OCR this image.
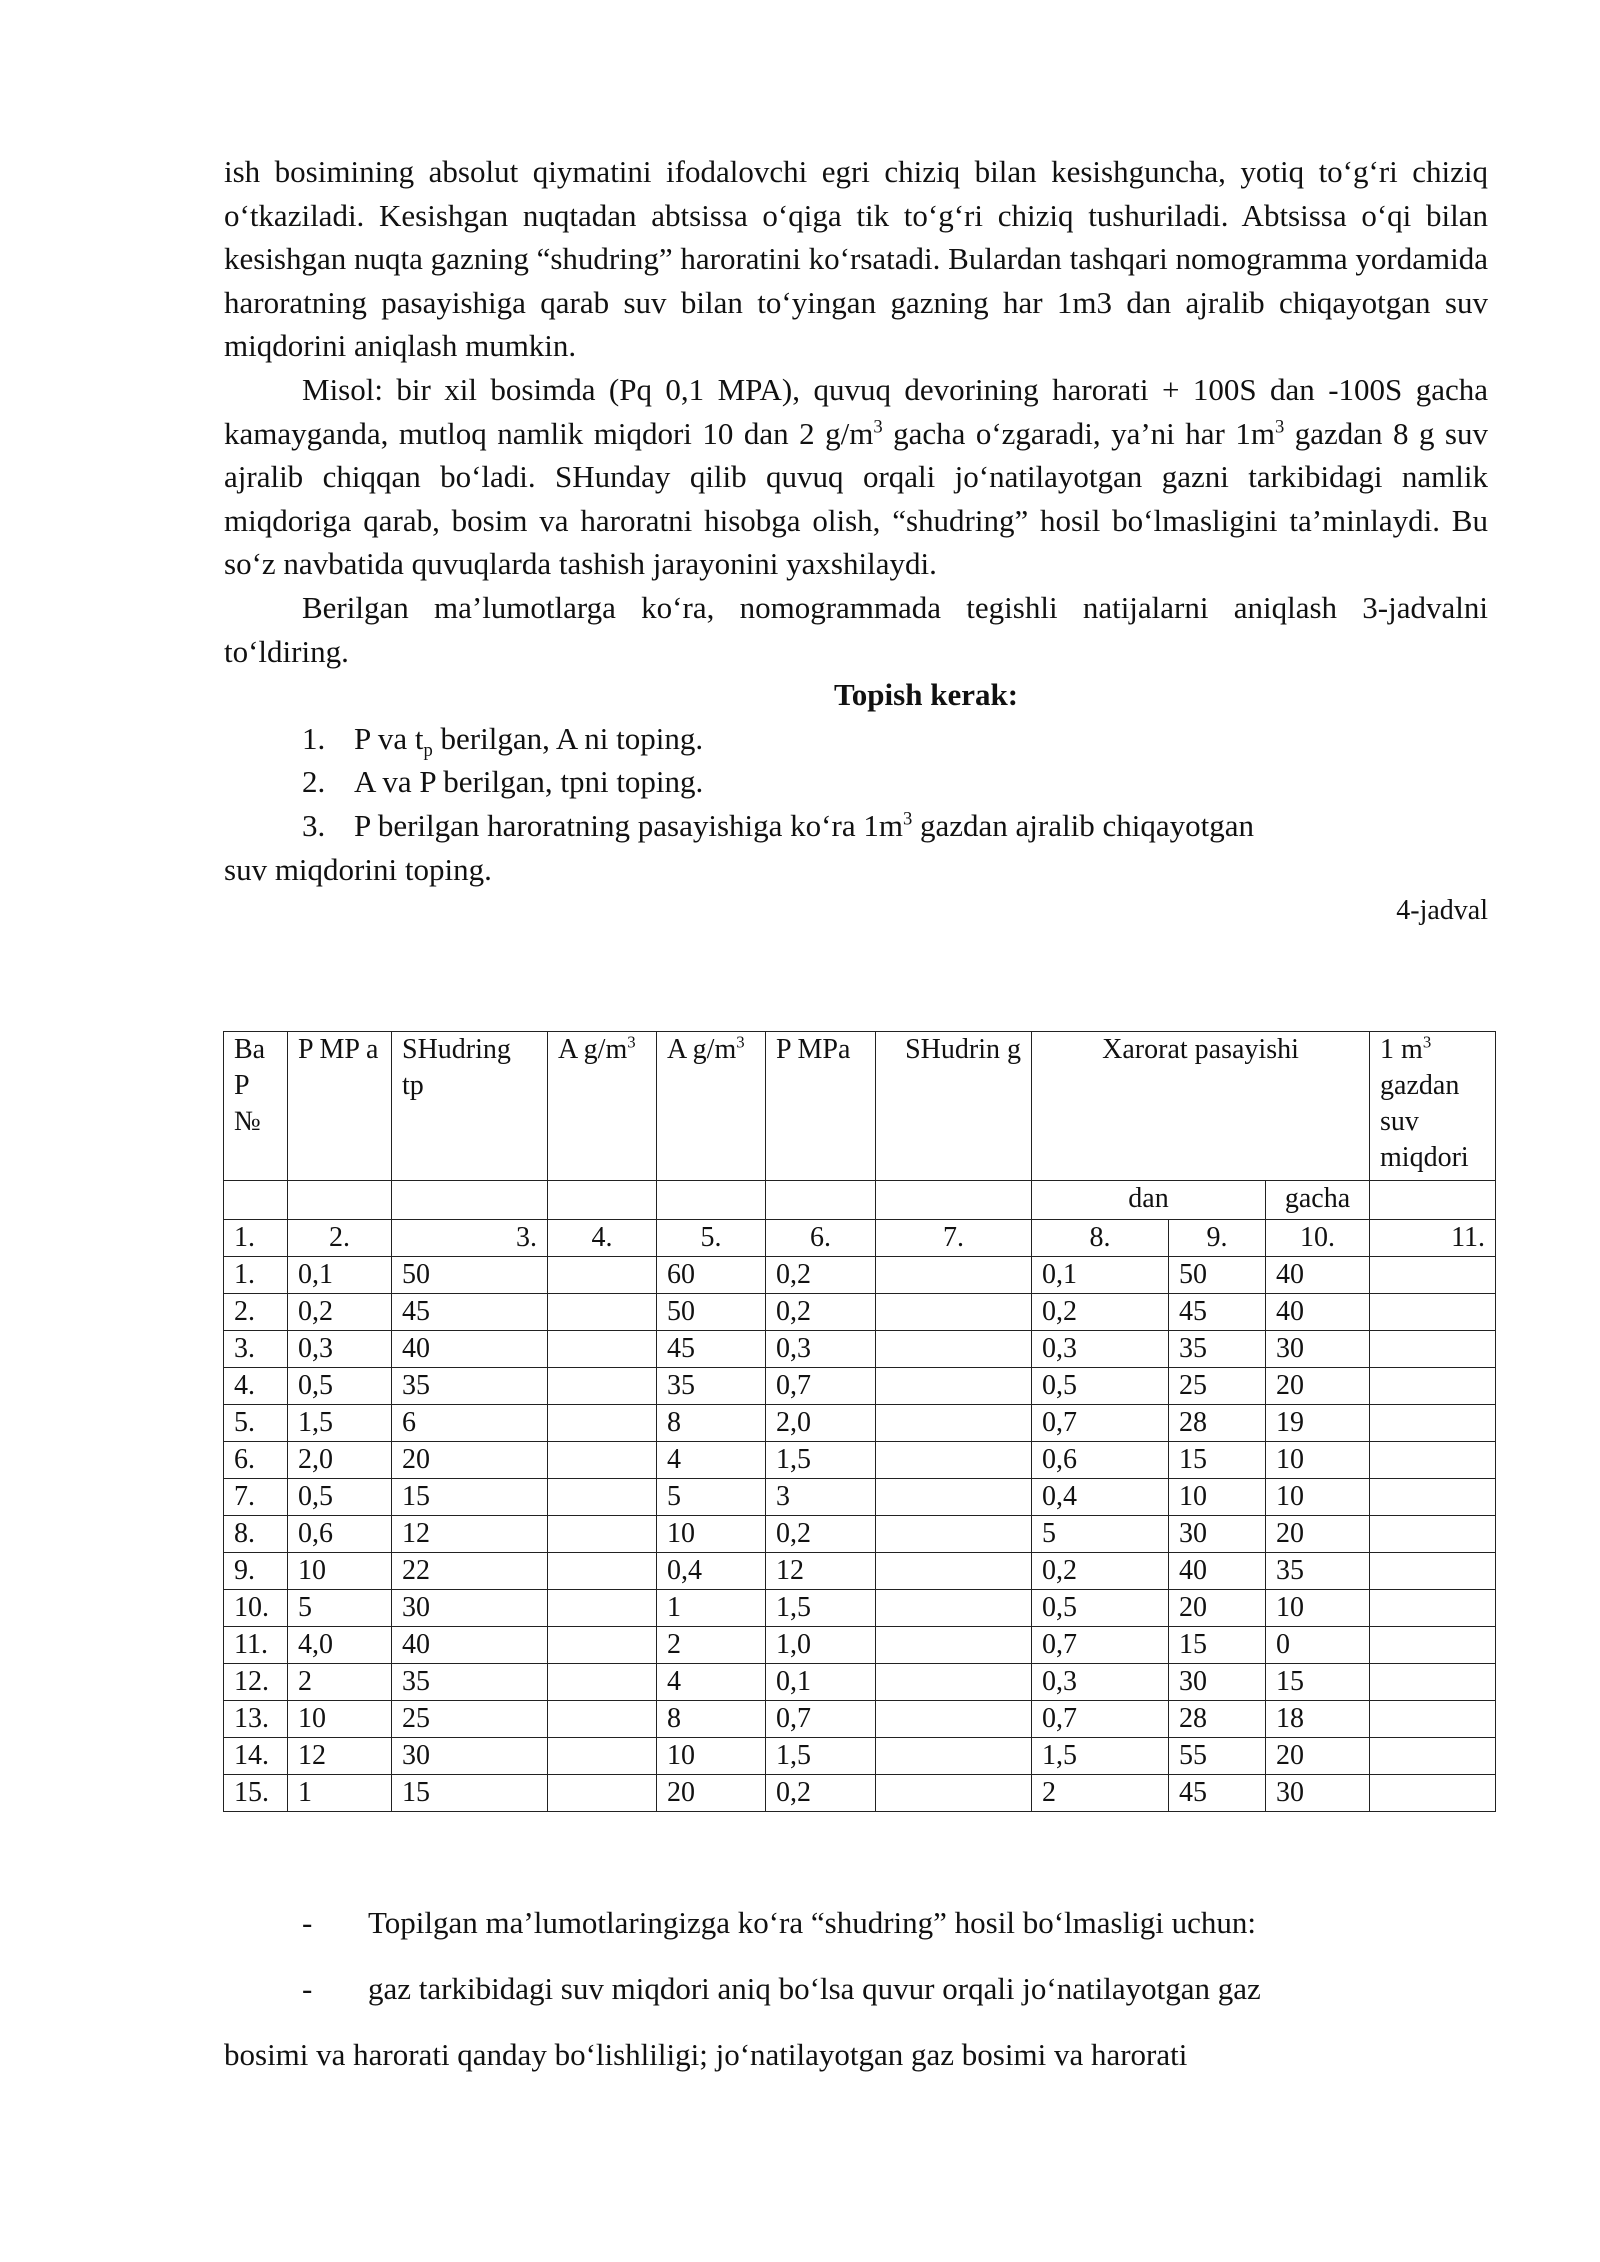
ish bosimining absolut qiymatini ifodalovchi egri chiziq bilan kesishguncha, yotiq to‘g‘ri chiziq o‘tkaziladi. Kesishgan nuqtadan abtsissa o‘qiga tik to‘g‘ri chiziq tushuriladi. Abtsissa o‘qi bilan kesishgan nuqta gazning “shudring” haroratini ko‘rsatadi. Bulardan tashqari nomogramma yordamida haroratning pasayishiga qarab suv bilan to‘yingan gazning har 1m3 dan ajralib chiqayotgan suv miqdorini aniqlash mumkin.

Misol: bir xil bosimda (Pq 0,1 MPA), quvuq devorining harorati + 100S dan -100S gacha kamayganda, mutloq namlik miqdori 10 dan 2 $g/m^3$ gacha o‘zgaradi, ya’ni har $1m^3$ gazdan 8 g suv ajralib chiqqan bo‘ladi. SHunday qilib quvuq orqali jo‘natilayotgan gazni tarkibidagi namlik miqdoriga qarab, bosim va haroratni hisobga olish, “shudring” hosil bo‘lmasligini ta’minlaydi. Bu so‘z navbatida quvuqlarda tashish jarayonini yaxshilaydi.

Berilgan ma’lumotlarga ko‘ra, nomogrammada tegishli natijalarni aniqlash 3-jadvalni to‘ldiring.

Topish kerak:

1. P va $t_p$ berilgan, A ni toping.

2. A va P berilgan, tpni toping.

3. P berilgan haroratning pasayishiga ko‘ra $1m^3$ gazdan ajralib chiqayotgan

suv miqdorini toping.

4-jadval

Ва Р №	P MP a	SHudring tp	A $g/m^3$	A $g/m^3$	P MPa	SHudrin g	Xarorat pasayishi			1 $m^3$ gazdan suv miqdori
							dan		gacha	
1.	2.	3.	4.	5.	6.	7.	8.	9.	10.	11.
1.	0,1	50		60	0,2		0,1	50	40	
2.	0,2	45		50	0,2		0,2	45	40	
3.	0,3	40		45	0,3		0,3	35	30	
4.	0,5	35		35	0,7		0,5	25	20	
5.	1,5	6		8	2,0		0,7	28	19	
6.	2,0	20		4	1,5		0,6	15	10	
7.	0,5	15		5	3		0,4	10	10	
8.	0,6	12		10	0,2		5	30	20	
9.	10	22		0,4	12		0,2	40	35	
10.	5	30		1	1,5		0,5	20	10	
11.	4,0	40		2	1,0		0,7	15	0	
12.	2	35		4	0,1		0,3	30	15	
13.	10	25		8	0,7		0,7	28	18	
14.	12	30		10	1,5		1,5	55	20	
15.	1	15		20	0,2		2	45	30	

- Topilgan ma’lumotlaringizga ko‘ra “shudring” hosil bo‘lmasligi uchun:

- gaz tarkibidagi suv miqdori aniq bo‘lsa quvur orqali jo‘natilayotgan gaz

bosimi va harorati qanday bo‘lishliligi; jo‘natilayotgan gaz bosimi va harorati
